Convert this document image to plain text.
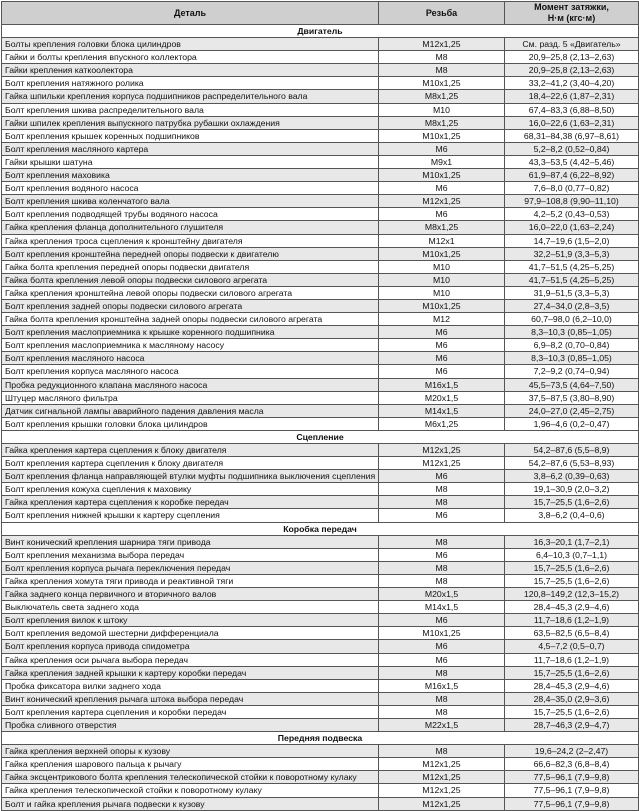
Деталь	Резьба	Момент затяжки,
Н·м (кгс·м)
Двигатель		
Болты крепления головки блока цилиндров	M12x1,25	См. разд. 5 «Двигатель»
Гайки и болты крепления впускного коллектора	M8	20,9–25,8 (2,13–2,63)
Гайки крепления каткоолектора	M8	20,9–25,8 (2,13–2,63)
Болт крепления натяжного ролика	M10x1,25	33,2–41,2 (3,40–4,20)
Гайка шпильки крепления корпуса подшипников распределительного вала	M8x1,25	18,4–22,6 (1,87–2,31)
Болт крепления шкива распределительного вала	M10	67,4–83,3 (6,88–8,50)
Гайки шпилек крепления выпускного патрубка рубашки охлаждения	M8x1,25	16,0–22,6 (1,63–2,31)
Болт крепления крышек коренных подшипников	M10x1,25	68,31–84,38 (6,97–8,61)
Болт крепления масляного картера	M6	5,2–8,2 (0,52–0,84)
Гайки крышки шатуна	M9x1	43,3–53,5 (4,42–5,46)
Болт крепления маховика	M10x1,25	61,9–87,4 (6,22–8,92)
Болт крепления водяного насоса	M6	7,6–8,0 (0,77–0,82)
Болт крепления шкива коленчатого вала	M12x1,25	97,9–108,8 (9,90–11,10)
Болт крепления подводящей трубы водяного насоса	M6	4,2–5,2 (0,43–0,53)
Гайка крепления фланца дополнительного глушителя	M8x1,25	16,0–22,0 (1,63–2,24)
Гайка крепления троса сцепления к кронштейну двигателя	M12x1	14,7–19,6 (1,5–2,0)
Болт крепления кронштейна передней опоры подвески к двигателю	M10x1,25	32,2–51,9 (3,3–5,3)
Гайка болта крепления передней опоры подвески двигателя	M10	41,7–51,5 (4,25–5,25)
Гайка болта крепления левой опоры подвески силового агрегата	M10	41,7–51,5 (4,25–5,25)
Гайка крепления кронштейна левой опоры подвески силового агрегата	M10	31,9–51,5 (3,3–5,3)
Болт крепления задней опоры подвески силового агрегата	M10x1,25	27,4–34,0 (2,8–3,5)
Гайка болта крепления кронштейна задней опоры подвески силового агрегата	M12	60,7–98,0 (6,2–10,0)
Болт крепления маслоприемника к крышке коренного подшипника	M6	8,3–10,3 (0,85–1,05)
Болт крепления маслоприемника к масляному насосу	M6	6,9–8,2 (0,70–0,84)
Болт крепления масляного насоса	M6	8,3–10,3 (0,85–1,05)
Болт крепления корпуса масляного насоса	M6	7,2–9,2 (0,74–0,94)
Пробка редукционного клапана масляного насоса	M16x1,5	45,5–73,5 (4,64–7,50)
Штуцер масляного фильтра	M20x1,5	37,5–87,5 (3,80–8,90)
Датчик сигнальной лампы аварийного падения давления масла	M14x1,5	24,0–27,0 (2,45–2,75)
Болт крепления крышки головки блока цилиндров	M6x1,25	1,96–4,6 (0,2–0,47)
Сцепление		
Гайка крепления картера сцепления к блоку двигателя	M12x1,25	54,2–87,6 (5,5–8,9)
Болт крепления картера сцепления к блоку двигателя	M12x1,25	54,2–87,6 (5,53–8,93)
Болт крепления фланца направляющей втулки муфты подшипника выключения сцепления	M6	3,8–6,2 (0,39–0,63)
Болт крепления кожуха сцепления к маховику	M8	19,1–30,9 (2,0–3,2)
Гайка крепления картера сцепления к коробке передач	M8	15,7–25,5 (1,6–2,6)
Болт крепления нижней крышки к картеру сцепления	M6	3,8–6,2 (0,4–0,6)
Коробка передач		
Винт конический крепления шарнира тяги привода	M8	16,3–20,1 (1,7–2,1)
Болт крепления механизма выбора передач	M6	6,4–10,3 (0,7–1,1)
Болт крепления корпуса рычага переключения передач	M8	15,7–25,5 (1,6–2,6)
Гайка крепления хомута тяги привода и реактивной тяги	M8	15,7–25,5 (1,6–2,6)
Гайка заднего конца первичного и вторичного валов	M20x1,5	120,8–149,2 (12,3–15,2)
Выключатель света заднего хода	M14x1,5	28,4–45,3 (2,9–4,6)
Болт крепления вилок к штоку	M6	11,7–18,6 (1,2–1,9)
Болт крепления ведомой шестерни дифференциала	M10x1,25	63,5–82,5 (6,5–8,4)
Болт крепления корпуса привода спидометра	M6	4,5–7,2 (0,5–0,7)
Гайка крепления оси рычага выбора передач	M6	11,7–18,6 (1,2–1,9)
Гайка крепления задней крышки к картеру коробки передач	M8	15,7–25,5 (1,6–2,6)
Пробка фиксатора вилки заднего хода	M16x1,5	28,4–45,3 (2,9–4,6)
Винт конический крепления рычага штока выбора передач	M8	28,4–35,0 (2,9–3,6)
Болт крепления картера сцепления и коробки передач	M8	15,7–25,5 (1,6–2,6)
Пробка сливного отверстия	M22x1,5	28,7–46,3 (2,9–4,7)
Передняя подвеска		
Гайка крепления верхней опоры к кузову	M8	19,6–24,2 (2–2,47)
Гайка крепления шарового пальца к рычагу	M12x1,25	66,6–82,3 (6,8–8,4)
Гайка эксцентрикового болта крепления телескопической стойки к поворотному кулаку	M12x1,25	77,5–96,1 (7,9–9,8)
Гайка крепления телескопической стойки к поворотному кулаку	M12x1,25	77,5–96,1 (7,9–9,8)
Болт и гайка крепления рычага подвески к кузову	M12x1,25	77,5–96,1 (7,9–9,8)
